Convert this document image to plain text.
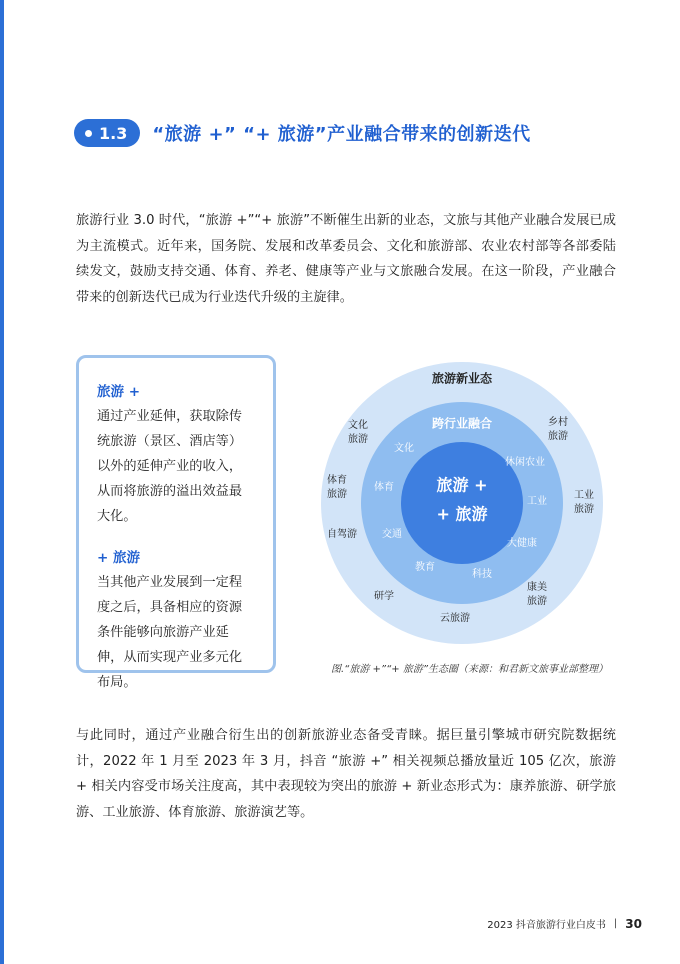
1.3 “旅游 +” “+ 旅游”产业融合带来的创新迭代
旅游行业 3.0 时代，“旅游 +”“+ 旅游”不断催生出新的业态，文旅与其他产业融合发展已成为主流模式。近年来，国务院、发展和改革委员会、文化和旅游部、农业农村部等各部委陆续发文，鼓励支持交通、体育、养老、健康等产业与文旅融合发展。在这一阶段，产业融合带来的创新迭代已成为行业迭代升级的主旋律。
旅游 +
通过产业延伸，获取除传统旅游（景区、酒店等）以外的延伸产业的收入，从而将旅游的溢出效益最大化。
+ 旅游
当其他产业发展到一定程度之后，具备相应的资源条件能够向旅游产业延伸，从而实现产业多元化布局。
旅游新业态
跨行业融合
旅游 +
+ 旅游
文化
旅游
乡村
旅游
体育
旅游	工业
旅游
自驾游
康美
旅游
研学
云旅游
文化
休闲农业
体育
工业
交通
大健康
教育
科技
图.“旅游 +”“+ 旅游”生态圈（来源：和君新文旅事业部整理）
与此同时，通过产业融合衍生出的创新旅游业态备受青睐。据巨量引擎城市研究院数据统计，2022 年 1 月至 2023 年 3 月，抖音 “旅游 +” 相关视频总播放量近 105 亿次，旅游 + 相关内容受市场关注度高，其中表现较为突出的旅游 + 新业态形式为：康养旅游、研学旅游、工业旅游、体育旅游、旅游演艺等。
2023 抖音旅游行业白皮书 | 30
